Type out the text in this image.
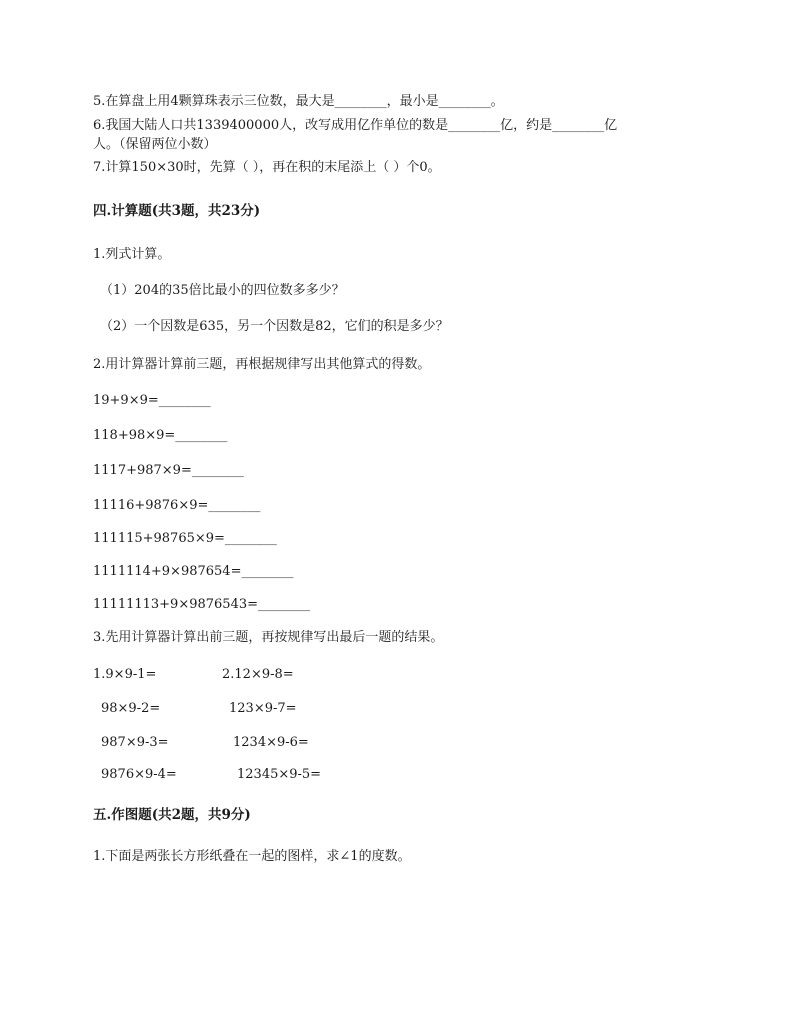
5.在算盘上用4颗算珠表示三位数，最大是________，最小是________。
6.我国大陆人口共1339400000人，改写成用亿作单位的数是________亿，约是________亿
人。（保留两位小数）
7.计算150×30时，先算（ ），再在积的末尾添上（ ）个0。
四.计算题(共3题，共23分)
1.列式计算。
（1）204的35倍比最小的四位数多多少？
（2）一个因数是635，另一个因数是82，它们的积是多少？
2.用计算器计算前三题，再根据规律写出其他算式的得数。
19+9×9=________
118+98×9=________
1117+987×9=________
11116+9876×9=________
111115+98765×9=________
1111114+9×987654=________
11111113+9×9876543=________
3.先用计算器计算出前三题，再按规律写出最后一题的结果。
1.9×9-1=	2.12×9-8=
98×9-2=	123×9-7=
987×9-3=	1234×9-6=
9876×9-4=	12345×9-5=
五.作图题(共2题，共9分)
1.下面是两张长方形纸叠在一起的图样，求∠1的度数。
